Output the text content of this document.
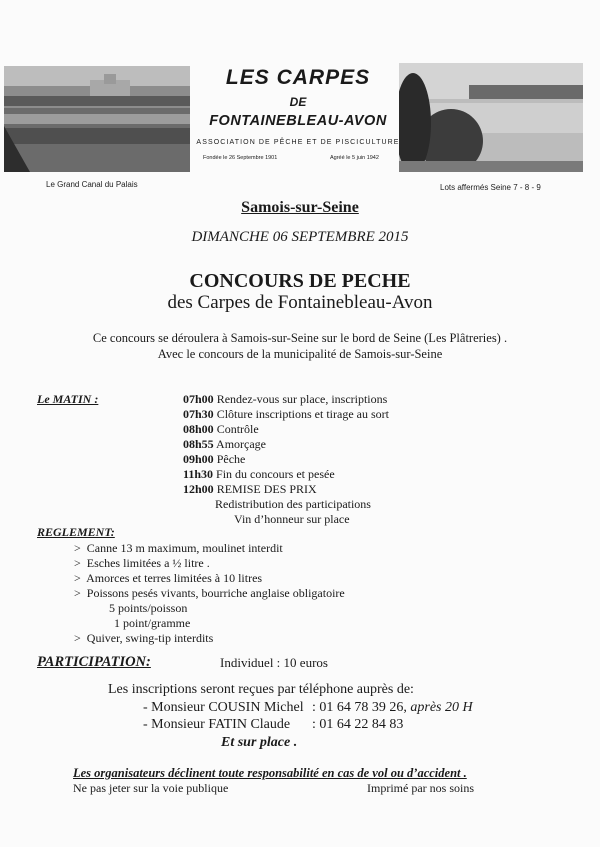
Le Grand Canal du Palais	Lots affermés Seine 7 - 8 - 9
LES CARPES
DE
FONTAINEBLEAU-AVON
ASSOCIATION DE PÊCHE ET DE PISCICULTURE
Fondée le 26 Septembre 1901	Agréé le 5 juin 1942
Samois-sur-Seine
DIMANCHE 06 SEPTEMBRE 2015
CONCOURS DE PECHE
des Carpes de Fontainebleau-Avon
Ce concours se déroulera à Samois-sur-Seine sur le bord de Seine (Les Plâtreries) .
Avec le concours de la municipalité de Samois-sur-Seine
Le MATIN :	07h00 Rendez-vous sur place, inscriptions
07h30 Clôture inscriptions et tirage au sort
08h00 Contrôle
08h55 Amorçage
09h00 Pêche
11h30 Fin du concours et pesée
12h00 REMISE DES PRIX
Redistribution des participations
Vin d’honneur sur place
REGLEMENT:
> Canne 13 m maximum, moulinet interdit
> Esches limitées a ½ litre .
> Amorces et terres limitées à 10 litres
> Poissons pesés vivants, bourriche anglaise obligatoire
5 points/poisson
1 point/gramme
> Quiver, swing-tip interdits
PARTICIPATION:	Individuel : 10 euros
Les inscriptions seront reçues par téléphone auprès de:
- Monsieur COUSIN Michel : 01 64 78 39 26, après 20 H
- Monsieur FATIN Claude : 01 64 22 84 83
Et sur place .
Les organisateurs déclinent toute responsabilité en cas de vol ou d’accident .
Ne pas jeter sur la voie publique	Imprimé par nos soins
